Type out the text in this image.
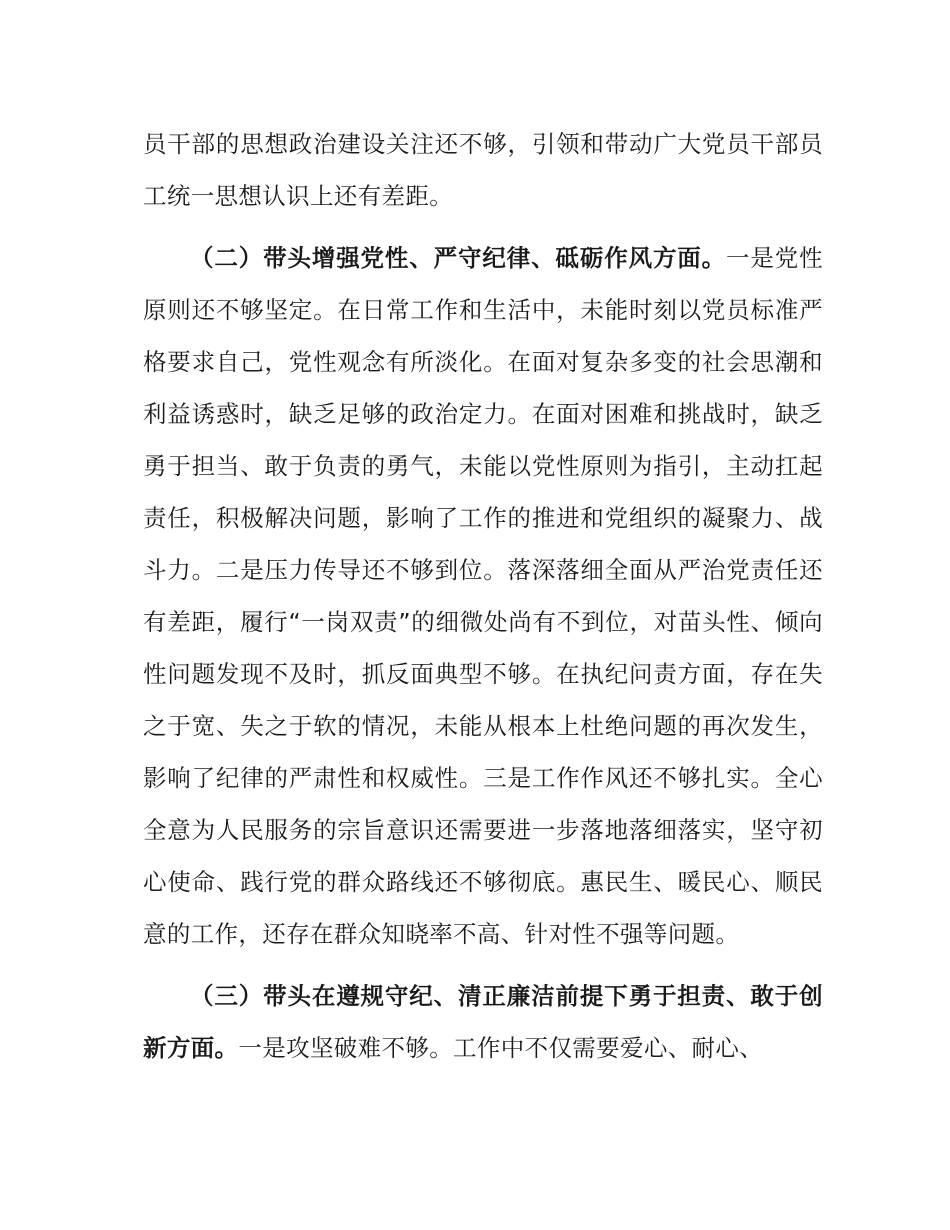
员干部的思想政治建设关注还不够，引领和带动广大党员干部员工统一思想认识上还有差距。

（二）带头增强党性、严守纪律、砥砺作风方面。一是党性原则还不够坚定。在日常工作和生活中，未能时刻以党员标准严格要求自己，党性观念有所淡化。在面对复杂多变的社会思潮和利益诱惑时，缺乏足够的政治定力。在面对困难和挑战时，缺乏勇于担当、敢于负责的勇气，未能以党性原则为指引，主动扛起责任，积极解决问题，影响了工作的推进和党组织的凝聚力、战斗力。二是压力传导还不够到位。落深落细全面从严治党责任还有差距，履行“一岗双责”的细微处尚有不到位，对苗头性、倾向性问题发现不及时，抓反面典型不够。在执纪问责方面，存在失之于宽、失之于软的情况，未能从根本上杜绝问题的再次发生，影响了纪律的严肃性和权威性。三是工作作风还不够扎实。全心全意为人民服务的宗旨意识还需要进一步落地落细落实，坚守初心使命、践行党的群众路线还不够彻底。惠民生、暖民心、顺民意的工作，还存在群众知晓率不高、针对性不强等问题。

（三）带头在遵规守纪、清正廉洁前提下勇于担责、敢于创新方面。一是攻坚破难不够。工作中不仅需要爱心、耐心、
